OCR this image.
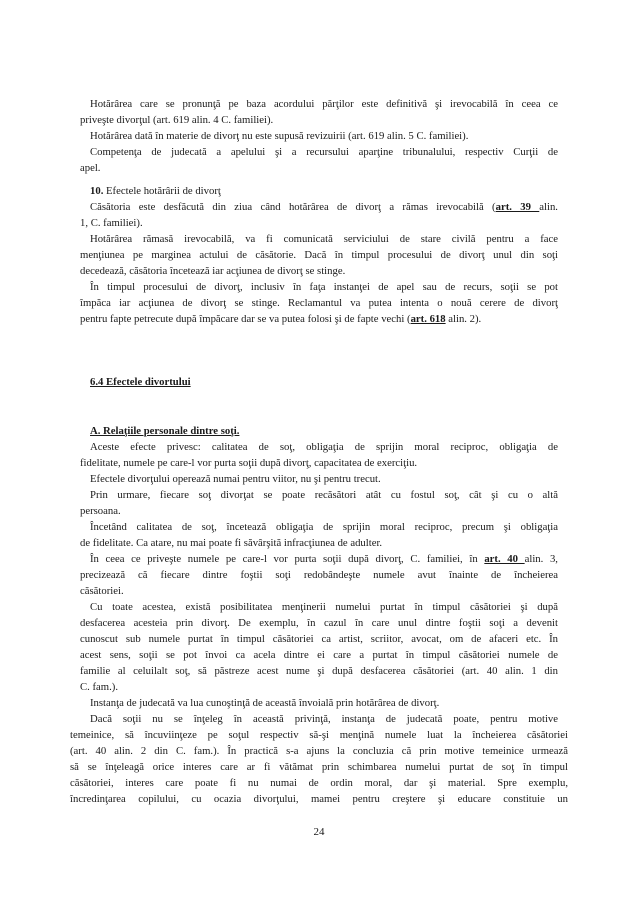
Hotărârea care se pronunţă pe baza acordului părţilor este definitivă şi irevocabilă în ceea ce
priveşte divorţul (art. 619 alin. 4 C. familiei).
Hotărârea dată în materie de divorţ nu este supusă revizuirii (art. 619 alin. 5 C. familiei).
Competenţa de judecată a apelului şi a recursului aparţine tribunalului, respectiv Curţii de
apel.
10. Efectele hotărârii de divorţ
Căsătoria este desfăcută din ziua când hotărârea de divorţ a rămas irevocabilă (art. 39 alin.
1, C. familiei).
Hotărârea rămasă irevocabilă, va fi comunicată serviciului de stare civilă pentru a face
menţiunea pe marginea actului de căsătorie. Dacă în timpul procesului de divorţ unul din soţi
decedează, căsătoria încetează iar acţiunea de divorţ se stinge.
În timpul procesului de divorţ, inclusiv în faţa instanţei de apel sau de recurs, soţii se pot
împăca iar acţiunea de divorţ se stinge. Reclamantul va putea intenta o nouă cerere de divorţ
pentru fapte petrecute după împăcare dar se va putea folosi şi de fapte vechi (art. 618 alin. 2).
6.4 Efectele divortului
A. Relaţiile personale dintre soţi.
Aceste efecte privesc: calitatea de soţ, obligaţia de sprijin moral reciproc, obligaţia de
fidelitate, numele pe care-l vor purta soţii după divorţ, capacitatea de exerciţiu.
Efectele divorţului operează numai pentru viitor, nu şi pentru trecut.
Prin urmare, fiecare soţ divorţat se poate recăsători atât cu fostul soţ, cât şi cu o altă
persoana.
Încetând calitatea de soţ, încetează obligaţia de sprijin moral reciproc, precum şi obligaţia
de fidelitate. Ca atare, nu mai poate fi săvârşită infracţiunea de adulter.
În ceea ce priveşte numele pe care-l vor purta soţii după divorţ, C. familiei, în art. 40 alin. 3,
precizează că fiecare dintre foştii soţi redobândeşte numele avut înainte de încheierea
căsătoriei.
Cu toate acestea, există posibilitatea menţinerii numelui purtat în timpul căsătoriei şi după
desfacerea acesteia prin divorţ. De exemplu, în cazul în care unul dintre foştii soţi a devenit
cunoscut sub numele purtat în timpul căsătoriei ca artist, scriitor, avocat, om de afaceri etc. În
acest sens, soţii se pot învoi ca acela dintre ei care a purtat în timpul căsătoriei numele de
familie al celuilalt soţ, să păstreze acest nume şi după desfacerea căsătoriei (art. 40 alin. 1 din
C. fam.).
Instanţa de judecată va lua cunoştinţă de această învoială prin hotărârea de divorţ.
Dacă soţii nu se înţeleg în această privinţă, instanţa de judecată poate, pentru motive
temeinice, să încuviinţeze pe soţul respectiv să-şi menţină numele luat la încheierea căsătoriei
(art. 40 alin. 2 din C. fam.). În practică s-a ajuns la concluzia că prin motive temeinice urmează
să se înţeleagă orice interes care ar fi vătămat prin schimbarea numelui purtat de soţ în timpul
căsătoriei, interes care poate fi nu numai de ordin moral, dar şi material. Spre exemplu,
încredinţarea copilului, cu ocazia divorţului, mamei pentru creştere şi educare constituie un
24
